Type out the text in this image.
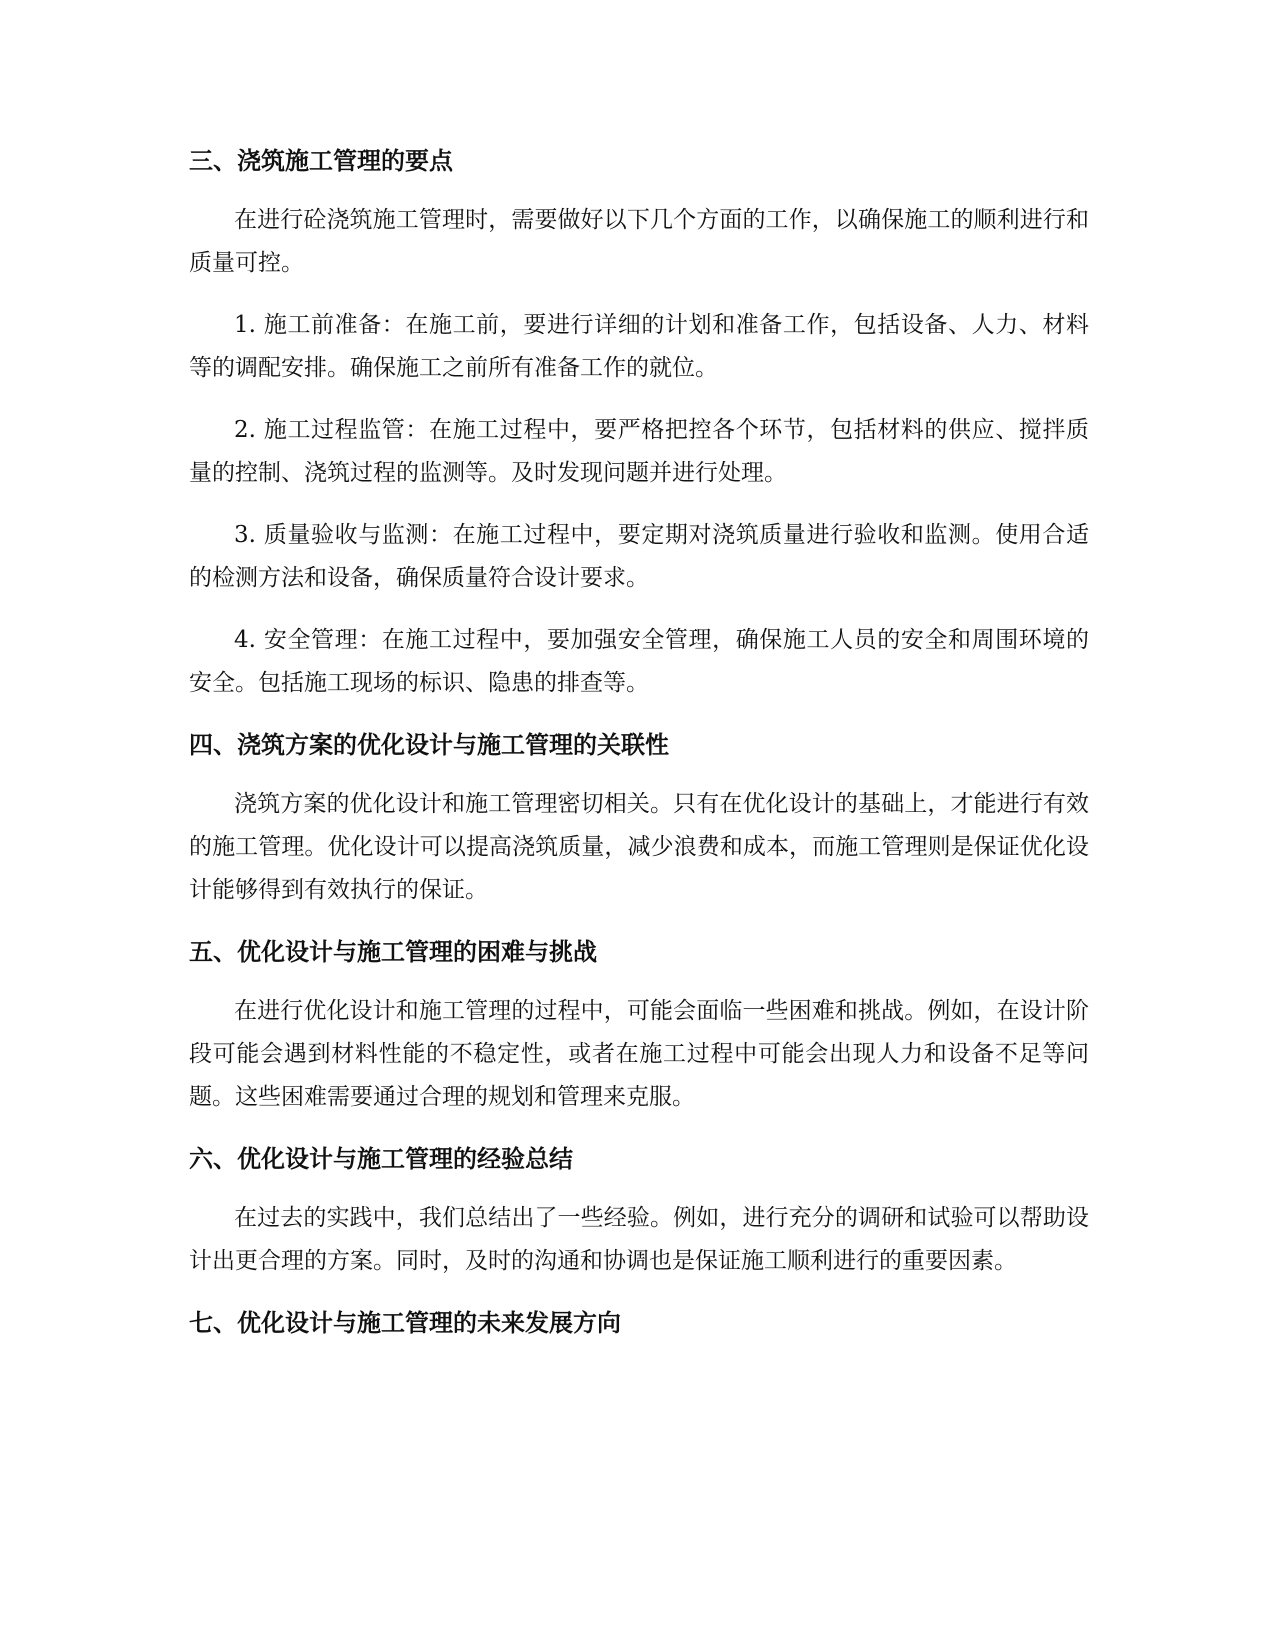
三、浇筑施工管理的要点

在进行砼浇筑施工管理时，需要做好以下几个方面的工作，以确保施工的顺利进行和质量可控。

1. 施工前准备：在施工前，要进行详细的计划和准备工作，包括设备、人力、材料等的调配安排。确保施工之前所有准备工作的就位。

2. 施工过程监管：在施工过程中，要严格把控各个环节，包括材料的供应、搅拌质量的控制、浇筑过程的监测等。及时发现问题并进行处理。

3. 质量验收与监测：在施工过程中，要定期对浇筑质量进行验收和监测。使用合适的检测方法和设备，确保质量符合设计要求。

4. 安全管理：在施工过程中，要加强安全管理，确保施工人员的安全和周围环境的安全。包括施工现场的标识、隐患的排查等。

四、浇筑方案的优化设计与施工管理的关联性

浇筑方案的优化设计和施工管理密切相关。只有在优化设计的基础上，才能进行有效的施工管理。优化设计可以提高浇筑质量，减少浪费和成本，而施工管理则是保证优化设计能够得到有效执行的保证。

五、优化设计与施工管理的困难与挑战

在进行优化设计和施工管理的过程中，可能会面临一些困难和挑战。例如，在设计阶段可能会遇到材料性能的不稳定性，或者在施工过程中可能会出现人力和设备不足等问题。这些困难需要通过合理的规划和管理来克服。

六、优化设计与施工管理的经验总结

在过去的实践中，我们总结出了一些经验。例如，进行充分的调研和试验可以帮助设计出更合理的方案。同时，及时的沟通和协调也是保证施工顺利进行的重要因素。

七、优化设计与施工管理的未来发展方向
